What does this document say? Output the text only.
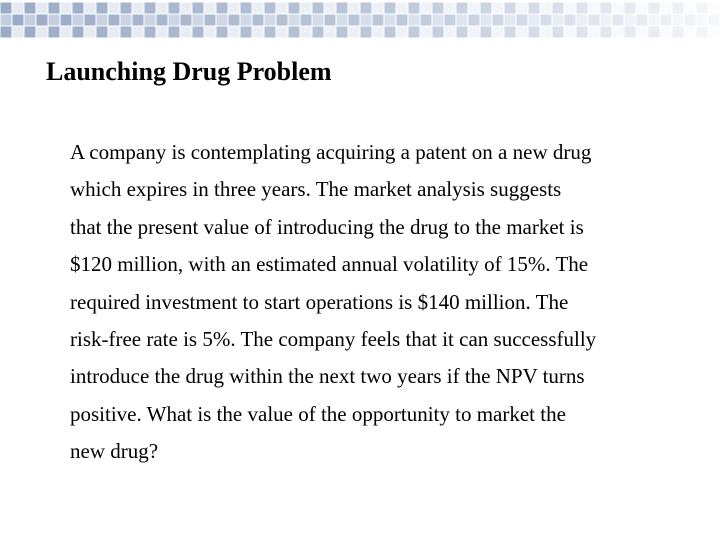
Launching Drug Problem
A company is contemplating acquiring a patent on a new drug
which expires in three years. The market analysis suggests
that the present value of introducing the drug to the market is
$120 million, with an estimated annual volatility of 15%. The
required investment to start operations is $140 million. The
risk-free rate is 5%. The company feels that it can successfully
introduce the drug within the next two years if the NPV turns
positive. What is the value of the opportunity to market the
new drug?
